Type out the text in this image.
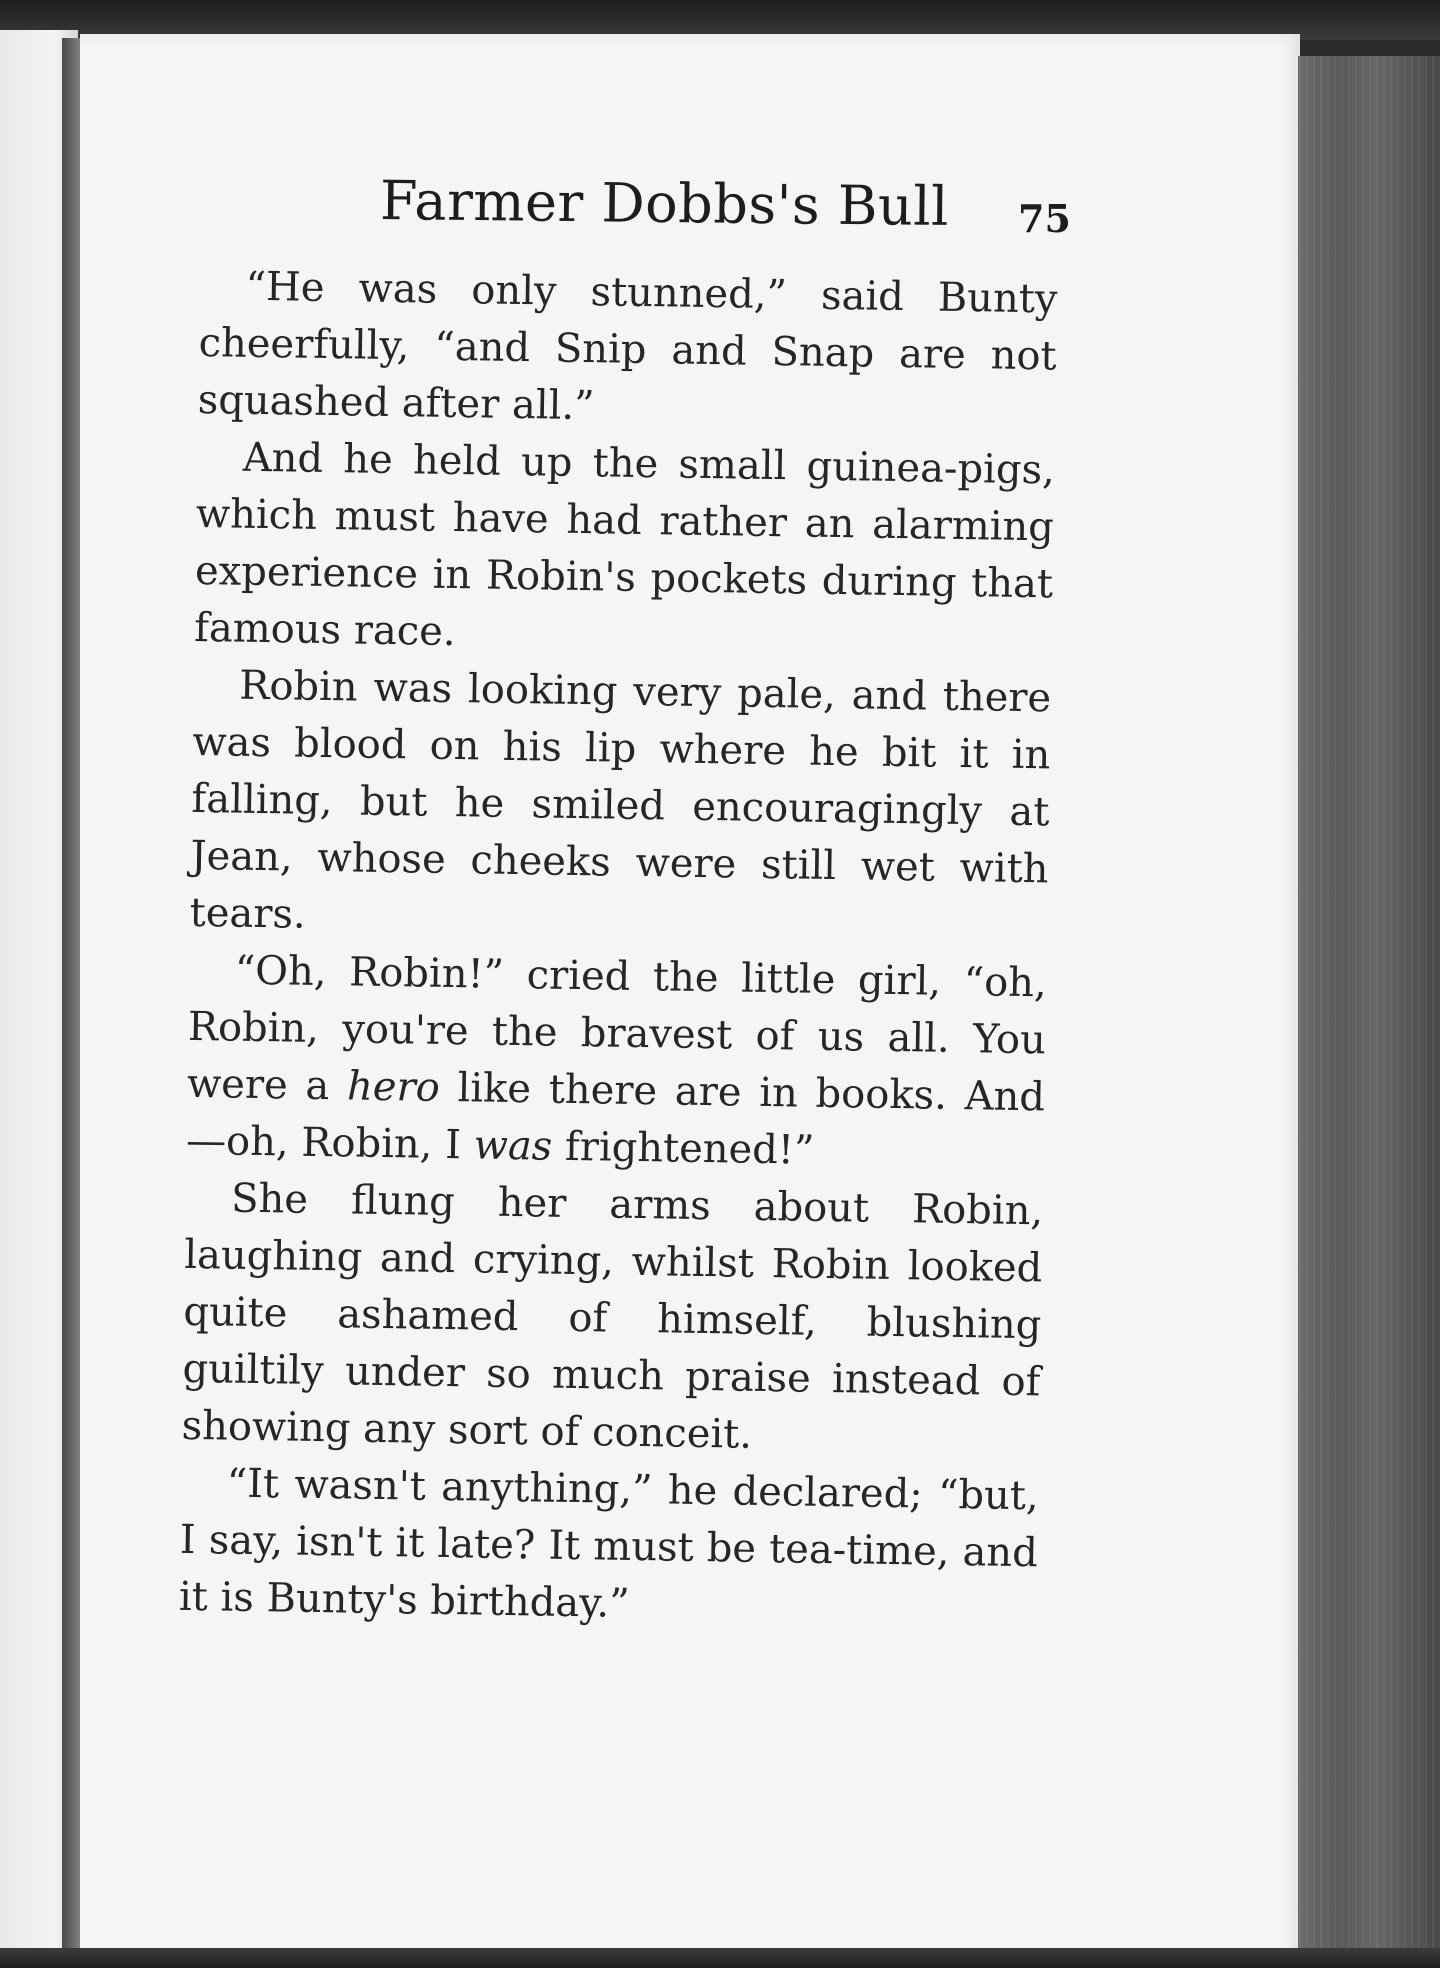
Farmer Dobbs's Bull 75

“He was only stunned,” said Bunty cheerfully, “and Snip and Snap are not squashed after all.”

And he held up the small guinea-pigs, which must have had rather an alarming experience in Robin's pockets during that famous race.

Robin was looking very pale, and there was blood on his lip where he bit it in falling, but he smiled encouragingly at Jean, whose cheeks were still wet with tears.

“Oh, Robin!” cried the little girl, “oh, Robin, you're the bravest of us all. You were a hero like there are in books. And —oh, Robin, I was frightened!”

She flung her arms about Robin, laughing and crying, whilst Robin looked quite ashamed of himself, blushing guiltily under so much praise instead of showing any sort of conceit.

“It wasn't anything,” he declared; “but, I say, isn't it late? It must be tea-time, and it is Bunty's birthday.”
